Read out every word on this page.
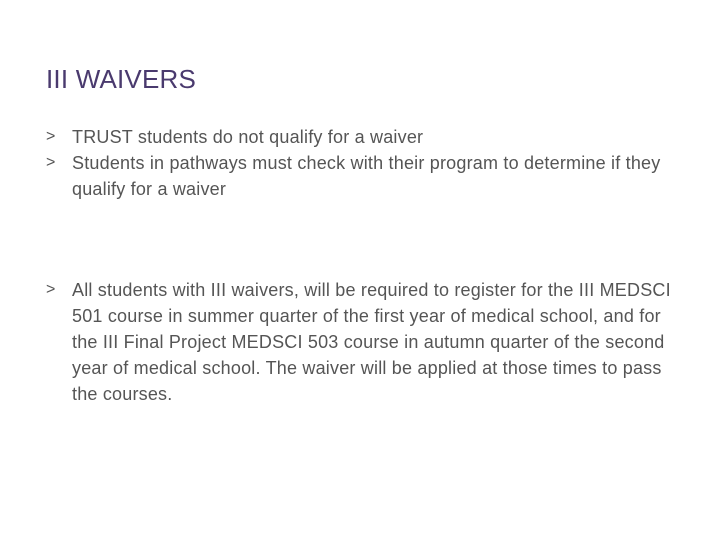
III WAIVERS
> TRUST students do not qualify for a waiver
> Students in pathways must check with their program to determine if they qualify for a waiver
> All students with III waivers, will be required to register for the III MEDSCI 501 course in summer quarter of the first year of medical school, and for the III Final Project MEDSCI 503 course in autumn quarter of the second year of medical school. The waiver will be applied at those times to pass the courses.
